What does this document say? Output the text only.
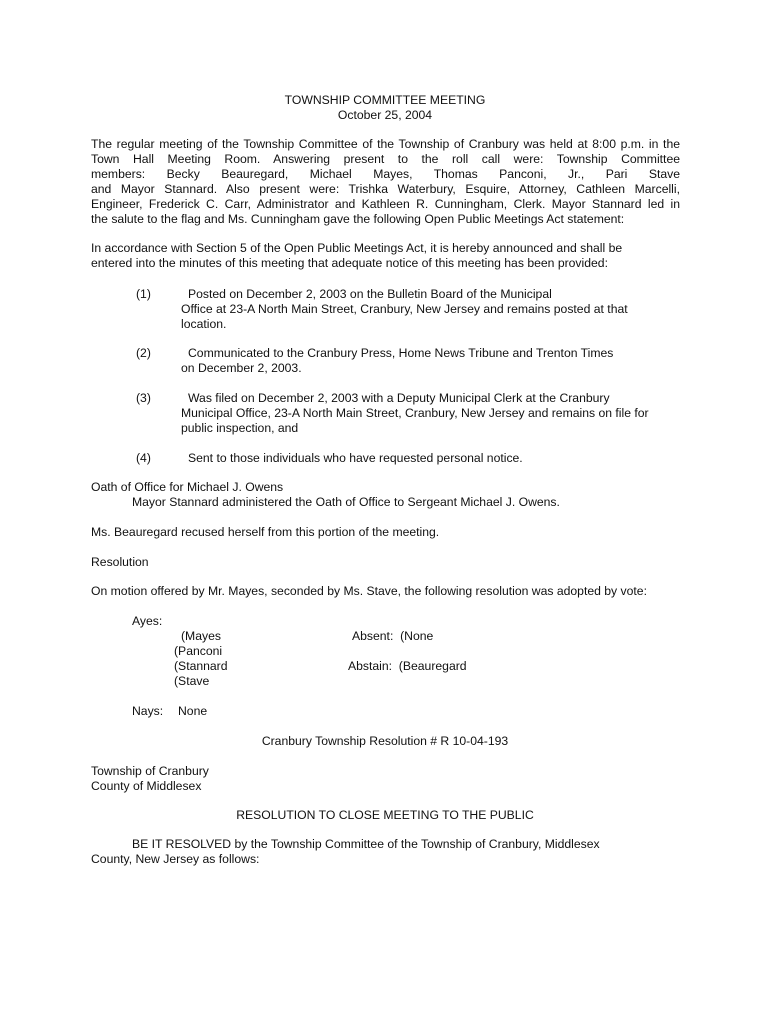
TOWNSHIP COMMITTEE MEETING
October 25, 2004
The regular meeting of the Township Committee of the Township of Cranbury was held at 8:00 p.m. in the
Town Hall Meeting Room. Answering present to the roll call were: Township Committee
members: Becky Beauregard, Michael Mayes, Thomas Panconi, Jr., Pari Stave
and Mayor Stannard. Also present were: Trishka Waterbury, Esquire, Attorney, Cathleen Marcelli,
Engineer, Frederick C. Carr, Administrator and Kathleen R. Cunningham, Clerk. Mayor Stannard led in
the salute to the flag and Ms. Cunningham gave the following Open Public Meetings Act statement:
In accordance with Section 5 of the Open Public Meetings Act, it is hereby announced and shall be
entered into the minutes of this meeting that adequate notice of this meeting has been provided:
(1)	Posted on December 2, 2003 on the Bulletin Board of the Municipal
Office at 23-A North Main Street, Cranbury, New Jersey and remains posted at that
location.
(2)	Communicated to the Cranbury Press, Home News Tribune and Trenton Times
on December 2, 2003.
(3)	Was filed on December 2, 2003 with a Deputy Municipal Clerk at the Cranbury
Municipal Office, 23-A North Main Street, Cranbury, New Jersey and remains on file for
public inspection, and
(4)	Sent to those individuals who have requested personal notice.
Oath of Office for Michael J. Owens
Mayor Stannard administered the Oath of Office to Sergeant Michael J. Owens.
Ms. Beauregard recused herself from this portion of the meeting.
Resolution
On motion offered by Mr. Mayes, seconded by Ms. Stave, the following resolution was adopted by vote:
Ayes:
(Mayes
(Panconi
(Stannard
(Stave
Absent:  (None
Abstain:  (Beauregard
Nays: None
Cranbury Township Resolution # R 10-04-193
Township of Cranbury
County of Middlesex
RESOLUTION TO CLOSE MEETING TO THE PUBLIC
BE IT RESOLVED by the Township Committee of the Township of Cranbury, Middlesex
County, New Jersey as follows:
